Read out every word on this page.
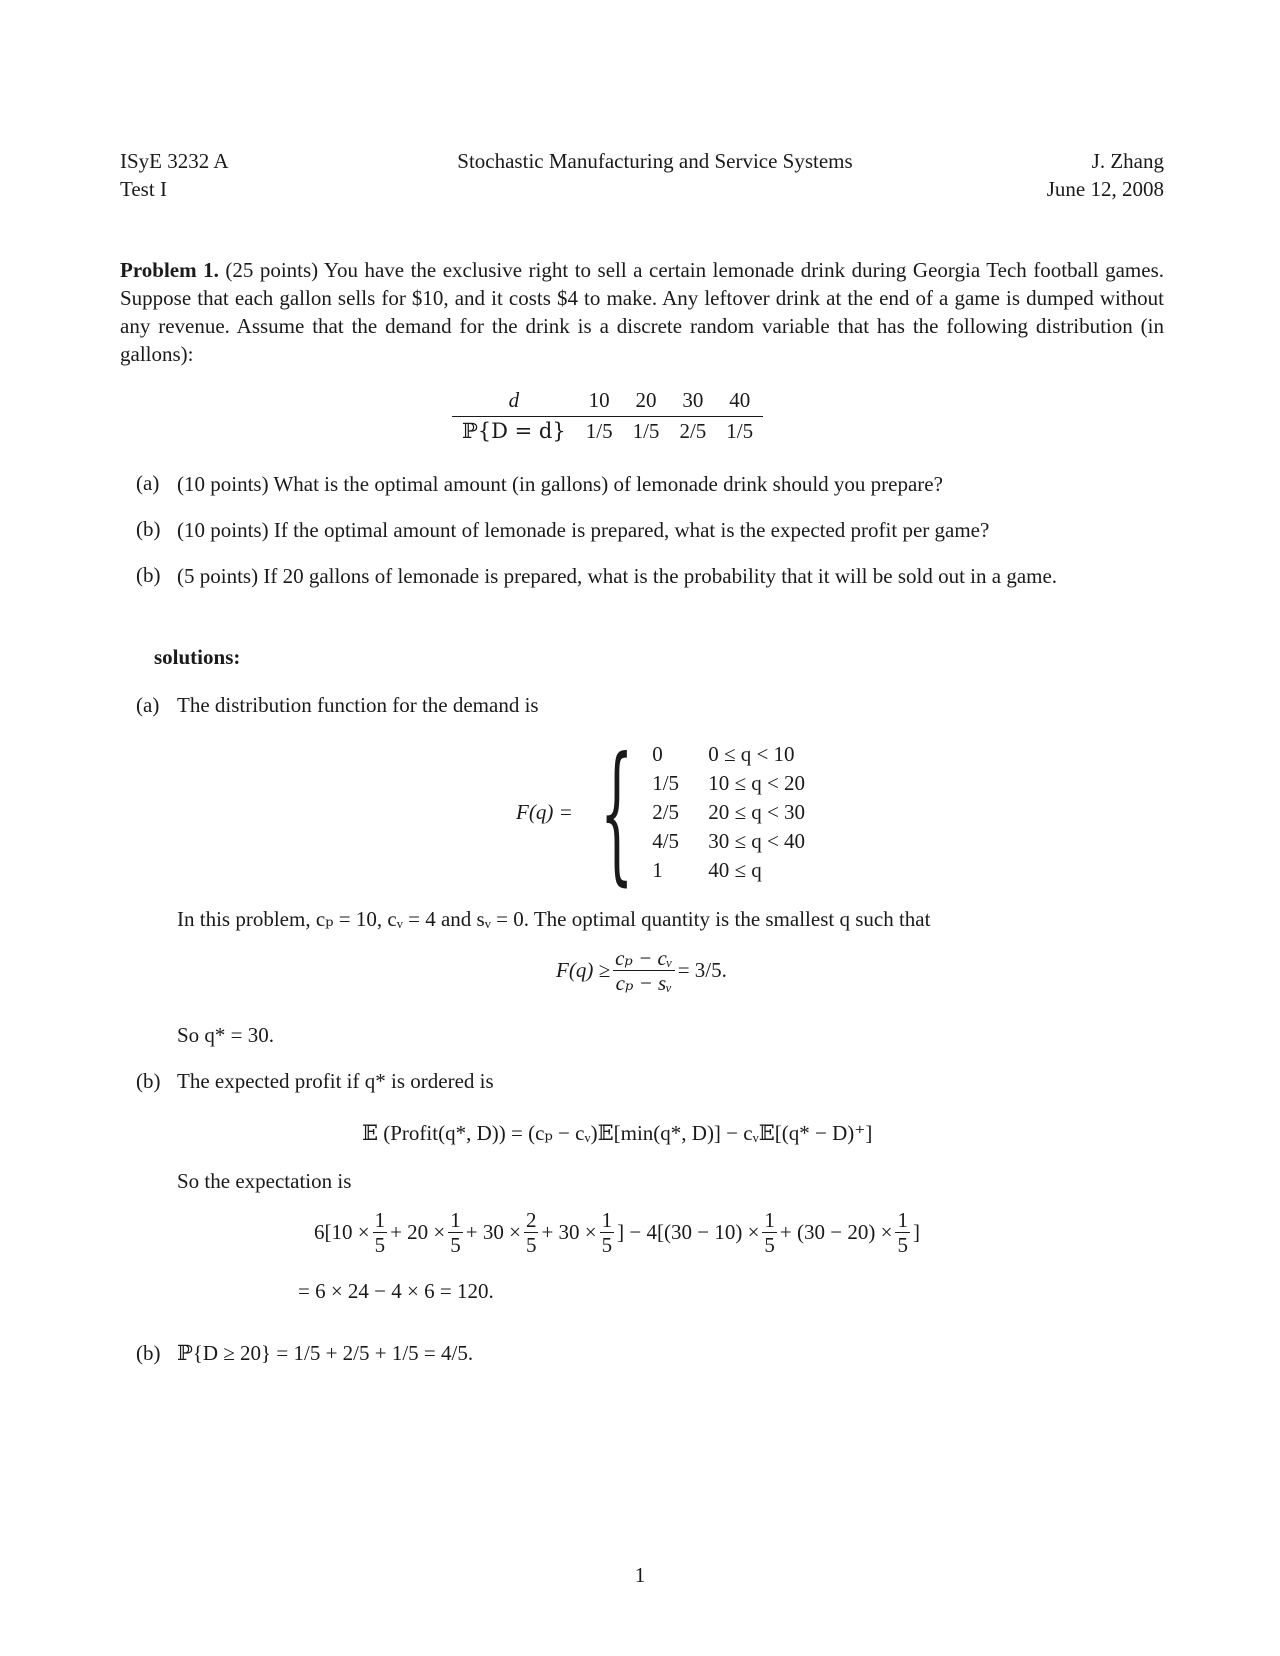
ISyE 3232 A
Test I
Stochastic Manufacturing and Service Systems	J. Zhang
June 12, 2008

Problem 1. (25 points) You have the exclusive right to sell a certain lemonade drink during Georgia Tech football games. Suppose that each gallon sells for $10, and it costs $4 to make. Any leftover drink at the end of a game is dumped without any revenue. Assume that the demand for the drink is a discrete random variable that has the following distribution (in gallons):

d	10	20	30	40
ℙ{D = d}	1/5	1/5	2/5	1/5
(a) (10 points) What is the optimal amount (in gallons) of lemonade drink should you prepare?
(b) (10 points) If the optimal amount of lemonade is prepared, what is the expected profit per game?
(b) (5 points) If 20 gallons of lemonade is prepared, what is the probability that it will be sold out in a game.
solutions:
(a) The distribution function for the demand is
F(q) = { 0 0 ≤ q < 10
1/5 10 ≤ q < 20
2/5 20 ≤ q < 30
4/5 30 ≤ q < 40
1 40 ≤ q
In this problem, cₚ = 10, cᵥ = 4 and sᵥ = 0. The optimal quantity is the smallest q such that
$F(q) \ge \frac{\text{cₚ − cᵥ}}{\text{cₚ − sᵥ}} = 3/5$.
So q* = 30.
(b) The expected profit if q* is ordered is
𝔼 (Profit(q*, D)) = (cₚ − cᵥ)𝔼[min(q*, D)] − cᵥ𝔼[(q* − D)⁺]
So the expectation is
$6[10 \times \frac{1}{5} + 20 \times \frac{1}{5} + 30 \times \frac{2}{5} + 30 \times \frac{1}{5}$ ] − $4[(30 - 10) \times \frac{1}{5} + (30 - 20) \times \frac{1}{5}$ ]
= 6 × 24 − 4 × 6 = 120.
(b) ℙ{D ≥ 20} = 1/5 + 2/5 + 1/5 = 4/5.
1
